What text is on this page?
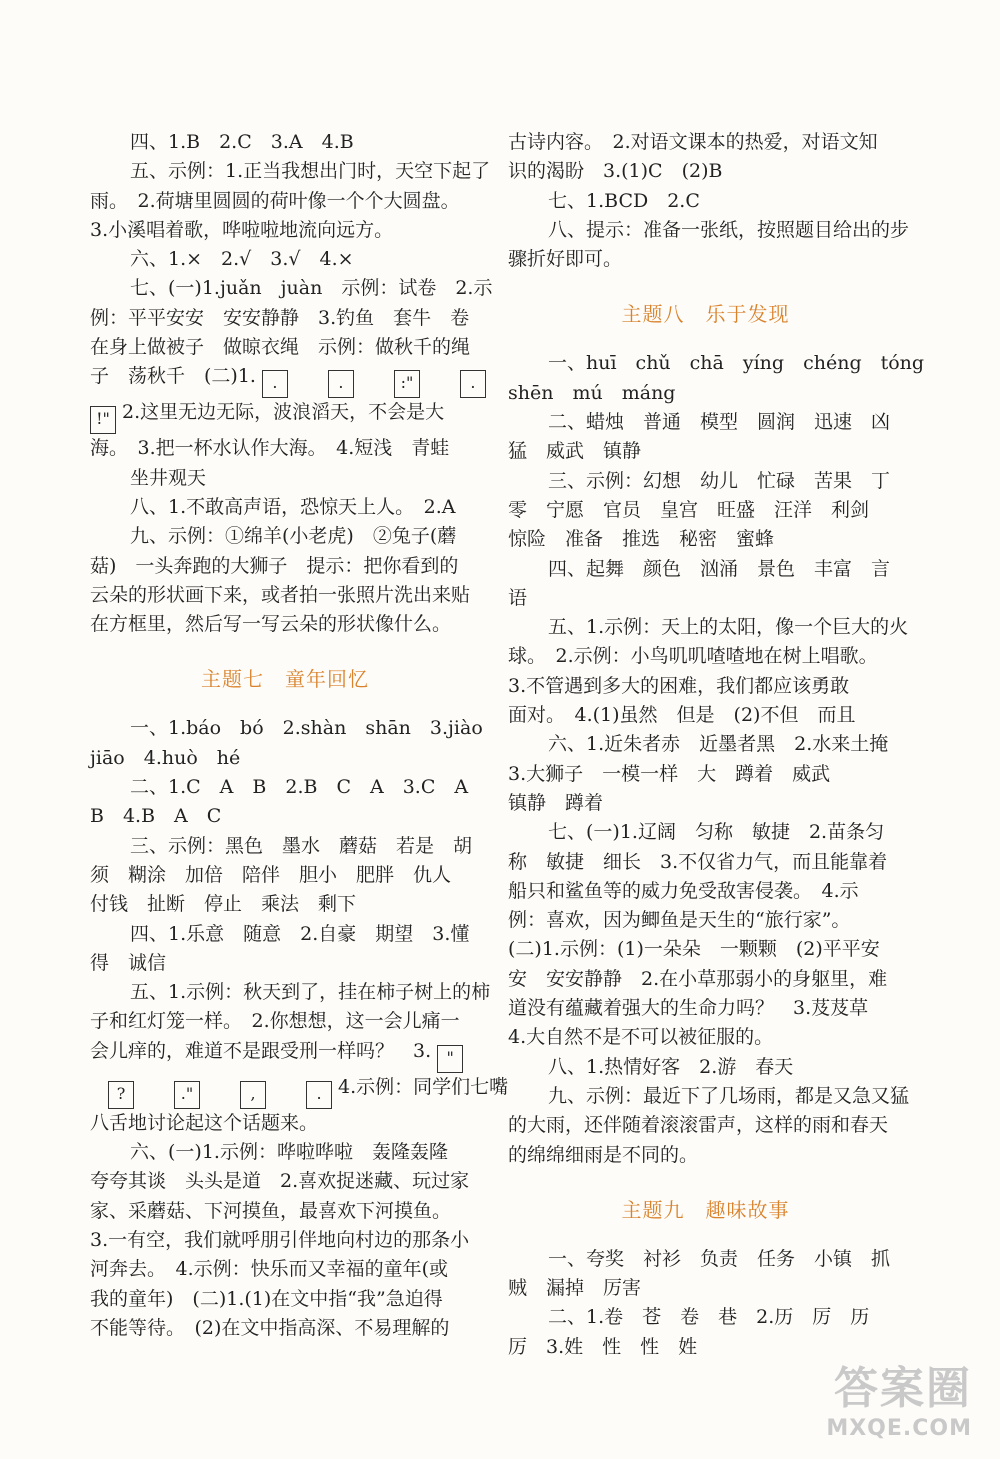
四、1.B　2.C　3.A　4.B
五、示例：1.正当我想出门时，天空下起了
雨。　2.荷塘里圆圆的荷叶像一个个大圆盘。
3.小溪唱着歌，哗啦啦地流向远方。
六、1.×　2.√　3.√　4.×
七、(一)1.juǎn　juàn　示例：试卷　2.示
例：平平安安　安安静静　3.钓鱼　套牛　卷
在身上做被子　做晾衣绳　示例：做秋千的绳
子　荡秋千　(二)1. .	.	:"	.
!" 2.这里无边无际，波浪滔天，不会是大
海。　3.把一杯水认作大海。　4.短浅　青蛙
坐井观天
八、1.不敢高声语，恐惊天上人。　2.A
九、示例：①绵羊(小老虎)　②兔子(蘑
菇)　一头奔跑的大狮子　提示：把你看到的
云朵的形状画下来，或者拍一张照片洗出来贴
在方框里，然后写一写云朵的形状像什么。
主题七　童年回忆
一、1.báo　bó　2.shàn　shān　3.jiào
jiāo　4.huò　hé
二、1.C　A　B　2.B　C　A　3.C　A
B　4.B　A　C
三、示例：黑色　墨水　蘑菇　若是　胡
须　糊涂　加倍　陪伴　胆小　肥胖　仇人
付钱　扯断　停止　乘法　剩下
四、1.乐意　随意　2.自豪　期望　3.懂
得　诚信
五、1.示例：秋天到了，挂在柿子树上的柿
子和红灯笼一样。　2.你想想，这一会儿痛一
会儿痒的，难道不是跟受刑一样吗？　3. "
?	."	,	. 4.示例：同学们七嘴
八舌地讨论起这个话题来。
六、(一)1.示例：哗啦哗啦　轰隆轰隆
夸夸其谈　头头是道　2.喜欢捉迷藏、玩过家
家、采蘑菇、下河摸鱼，最喜欢下河摸鱼。
3.一有空，我们就呼朋引伴地向村边的那条小
河奔去。　4.示例：快乐而又幸福的童年(或
我的童年)　(二)1.(1)在文中指“我”急迫得
不能等待。　(2)在文中指高深、不易理解的
古诗内容。　2.对语文课本的热爱，对语文知
识的渴盼　3.(1)C　(2)B
七、1.BCD　2.C
八、提示：准备一张纸，按照题目给出的步
骤折好即可。
主题八　乐于发现
一、huī　chǔ　chā　yíng　chéng　tóng
shēn　mú　máng
二、蜡烛　普通　模型　圆润　迅速　凶
猛　威武　镇静
三、示例：幻想　幼儿　忙碌　苦果　丁
零　宁愿　官员　皇宫　旺盛　汪洋　利剑
惊险　准备　推选　秘密　蜜蜂
四、起舞　颜色　汹涌　景色　丰富　言
语
五、1.示例：天上的太阳，像一个巨大的火
球。　2.示例：小鸟叽叽喳喳地在树上唱歌。
3.不管遇到多大的困难，我们都应该勇敢
面对。　4.(1)虽然　但是　(2)不但　而且
六、1.近朱者赤　近墨者黑　2.水来土掩
3.大狮子　一模一样　大　蹲着　威武
镇静　蹲着
七、(一)1.辽阔　匀称　敏捷　2.苗条匀
称　敏捷　细长　3.不仅省力气，而且能靠着
船只和鲨鱼等的威力免受敌害侵袭。　4.示
例：喜欢，因为鲫鱼是天生的“旅行家”。
(二)1.示例：(1)一朵朵　一颗颗　(2)平平安
安　安安静静　2.在小草那弱小的身躯里，难
道没有蕴藏着强大的生命力吗？　3.芨芨草
4.大自然不是不可以被征服的。
八、1.热情好客　2.游　春天
九、示例：最近下了几场雨，都是又急又猛
的大雨，还伴随着滚滚雷声，这样的雨和春天
的绵绵细雨是不同的。
主题九　趣味故事
一、夸奖　衬衫　负责　任务　小镇　抓
贼　漏掉　厉害
二、1.卷　苍　卷　巷　2.历　厉　历
厉　3.姓　性　性　姓
答案圈
MXQE.COM
